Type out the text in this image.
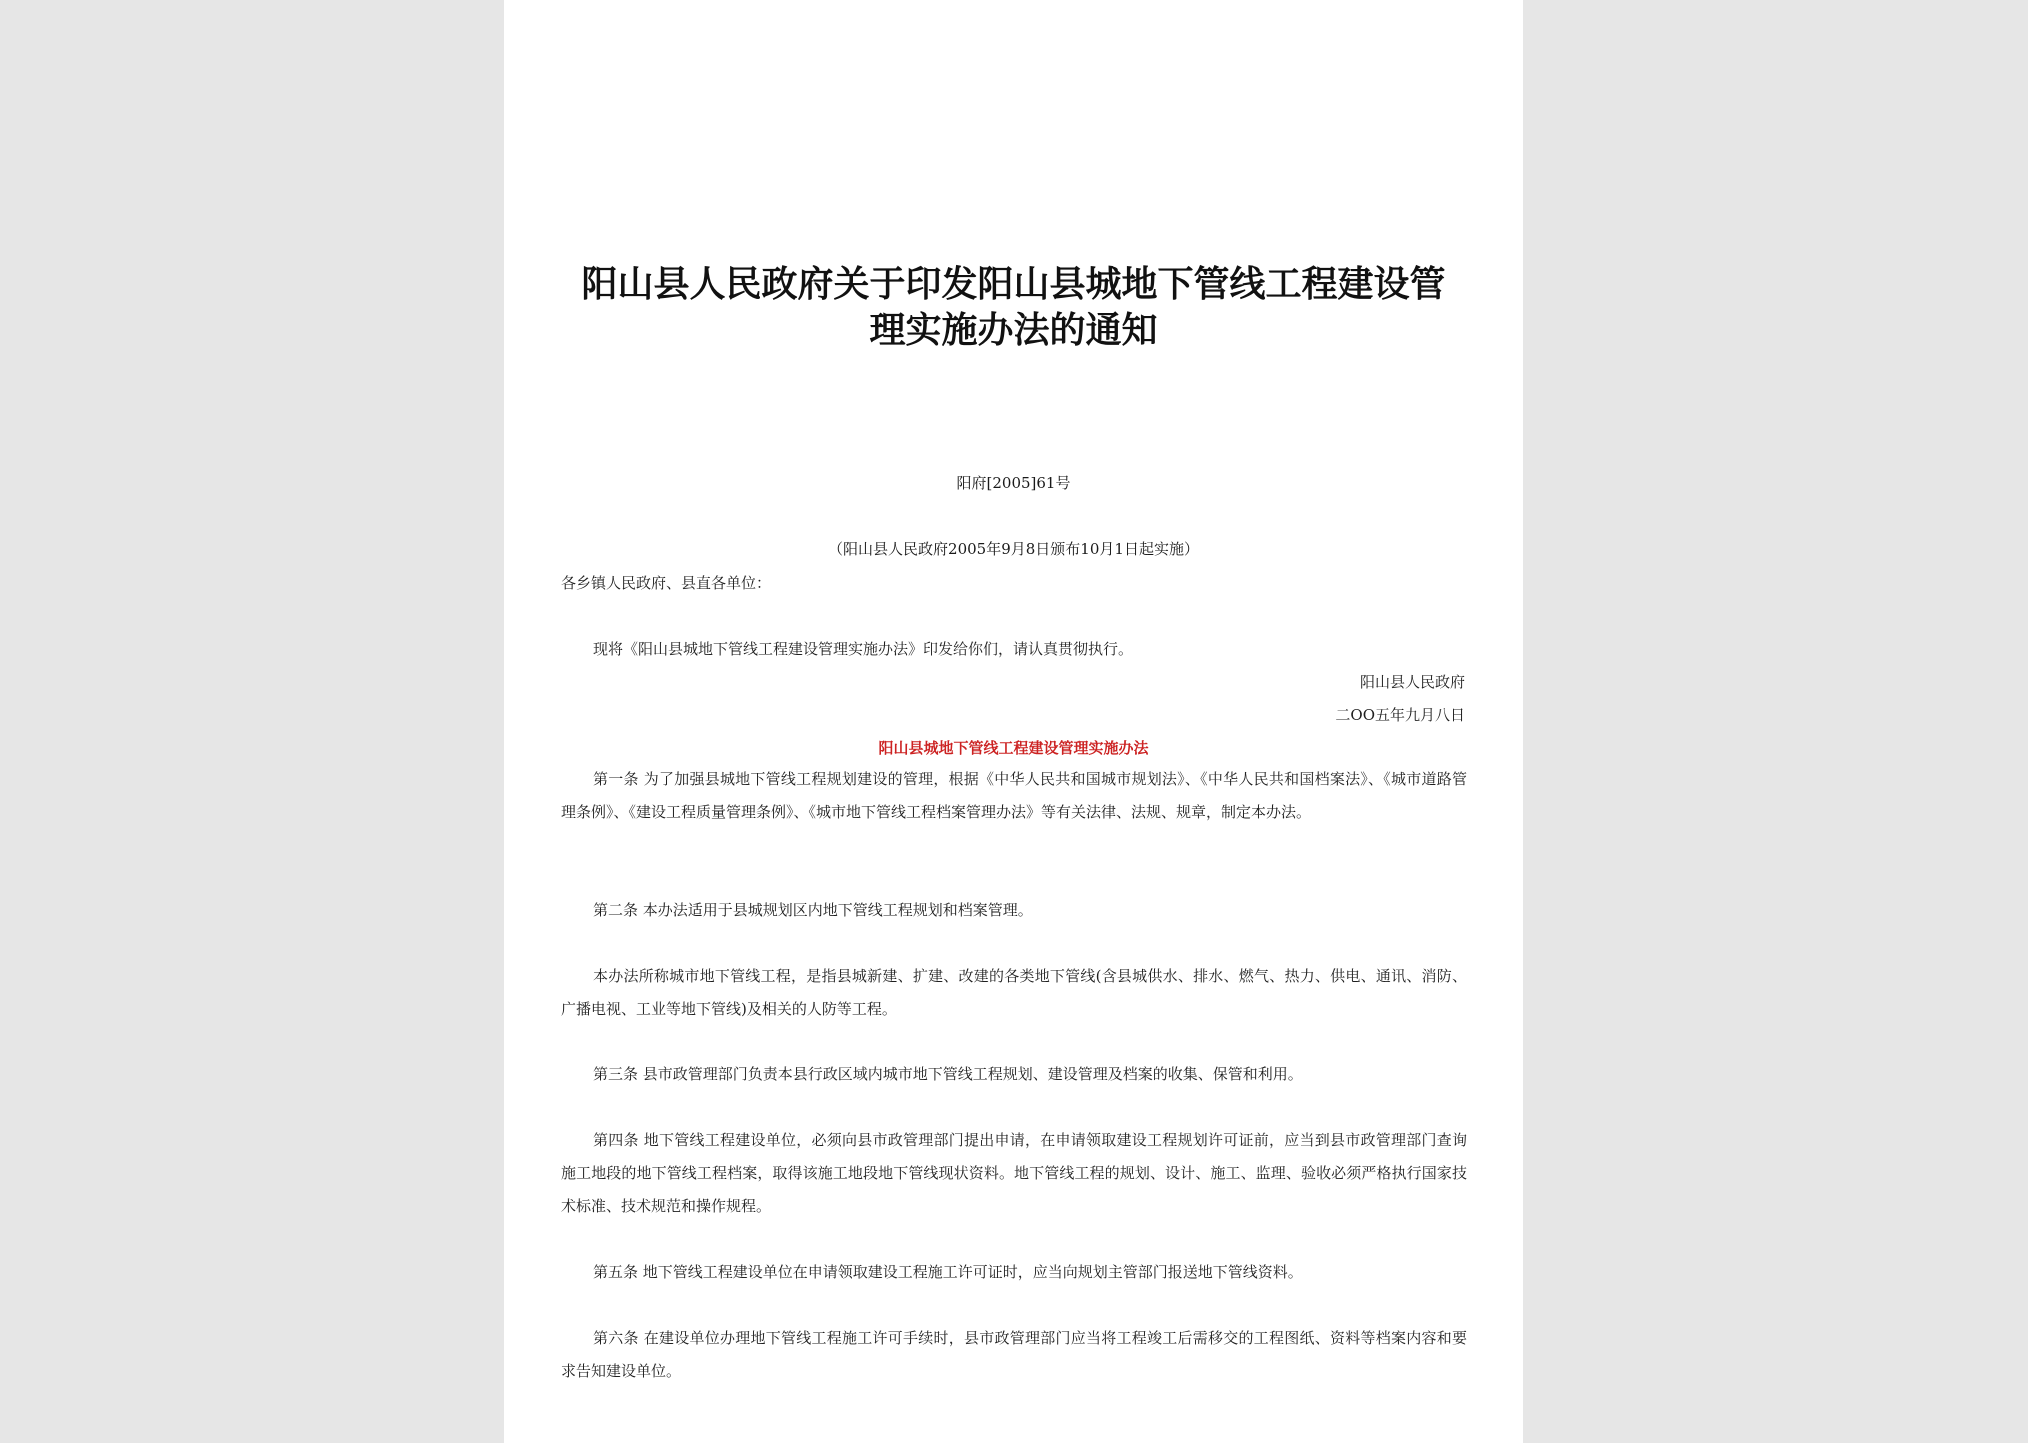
阳山县人民政府关于印发阳山县城地下管线工程建设管
理实施办法的通知
阳府[2005]61号
（阳山县人民政府2005年9月8日颁布10月1日起实施）
各乡镇人民政府、县直各单位：
现将《阳山县城地下管线工程建设管理实施办法》印发给你们，请认真贯彻执行。
阳山县人民政府
二OO五年九月八日
阳山县城地下管线工程建设管理实施办法
第一条 为了加强县城地下管线工程规划建设的管理，根据《中华人民共和国城市规划法》、《中华人民共和国档案法》、《城市道路管理条例》、《建设工程质量管理条例》、《城市地下管线工程档案管理办法》等有关法律、法规、规章，制定本办法。
第二条 本办法适用于县城规划区内地下管线工程规划和档案管理。
本办法所称城市地下管线工程，是指县城新建、扩建、改建的各类地下管线(含县城供水、排水、燃气、热力、供电、通讯、消防、广播电视、工业等地下管线)及相关的人防等工程。
第三条 县市政管理部门负责本县行政区域内城市地下管线工程规划、建设管理及档案的收集、保管和利用。
第四条 地下管线工程建设单位，必须向县市政管理部门提出申请，在申请领取建设工程规划许可证前，应当到县市政管理部门查询施工地段的地下管线工程档案，取得该施工地段地下管线现状资料。地下管线工程的规划、设计、施工、监理、验收必须严格执行国家技术标准、技术规范和操作规程。
第五条 地下管线工程建设单位在申请领取建设工程施工许可证时，应当向规划主管部门报送地下管线资料。
第六条 在建设单位办理地下管线工程施工许可手续时，县市政管理部门应当将工程竣工后需移交的工程图纸、资料等档案内容和要求告知建设单位。
